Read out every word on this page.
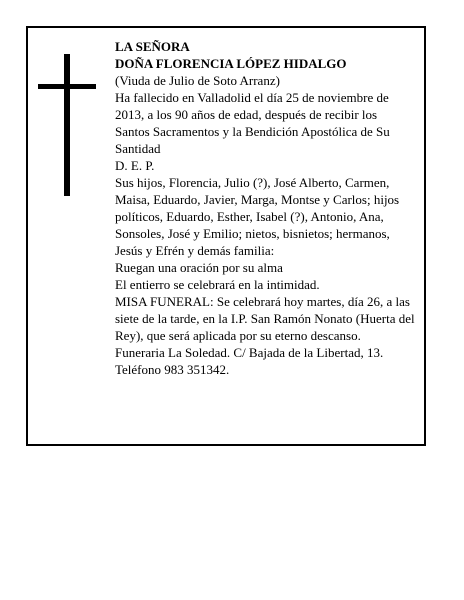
LA SEÑORA

DOÑA FLORENCIA LÓPEZ HIDALGO

(Viuda de Julio de Soto Arranz)

Ha fallecido en Valladolid el día 25 de noviembre de 2013, a los 90 años de edad, después de recibir los Santos Sacramentos y la Bendición Apostólica de Su Santidad

D. E. P.

Sus hijos, Florencia, Julio (?), José Alberto, Carmen, Maisa, Eduardo, Javier, Marga, Montse y Carlos; hijos políticos, Eduardo, Esther, Isabel (?), Antonio, Ana, Sonsoles, José y Emilio; nietos, bisnietos; hermanos, Jesús y Efrén y demás familia:

Ruegan una oración por su alma

El entierro se celebrará en la intimidad.

MISA FUNERAL: Se celebrará hoy martes, día 26, a las siete de la tarde, en la I.P. San Ramón Nonato (Huerta del Rey), que será aplicada por su eterno descanso.

Funeraria La Soledad. C/ Bajada de la Libertad, 13. Teléfono 983 351342.
